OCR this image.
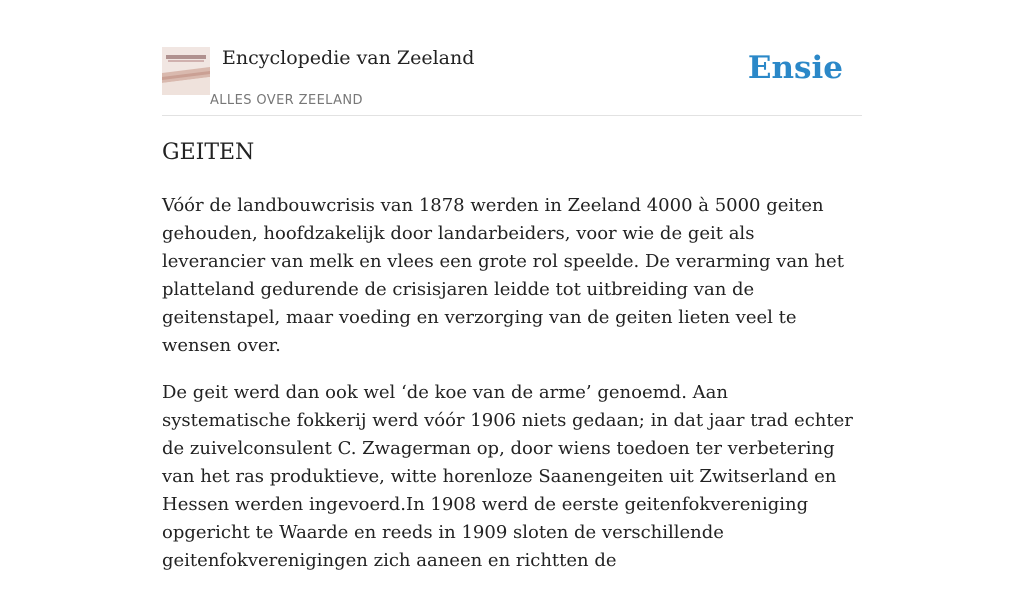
Encyclopedie van Zeeland
ALLES OVER ZEELAND
Ensie
GEITEN

Vóór de landbouwcrisis van 1878 werden in Zeeland 4000 à 5000 geiten gehouden, hoofdzakelijk door landarbeiders, voor wie de geit als leverancier van melk en vlees een grote rol speelde. De verarming van het platteland gedurende de crisisjaren leidde tot uitbreiding van de geitenstapel, maar voeding en verzorging van de geiten lieten veel te wensen over.

De geit werd dan ook wel ‘de koe van de arme’ genoemd. Aan systematische fokkerij werd vóór 1906 niets gedaan; in dat jaar trad echter de zuivelconsulent C. Zwagerman op, door wiens toedoen ter verbetering van het ras produktieve, witte horenloze Saanengeiten uit Zwitserland en Hessen werden ingevoerd.In 1908 werd de eerste geitenfokvereniging opgericht te Waarde en reeds in 1909 sloten de verschillende geitenfokverenigingen zich aaneen en richtten de
